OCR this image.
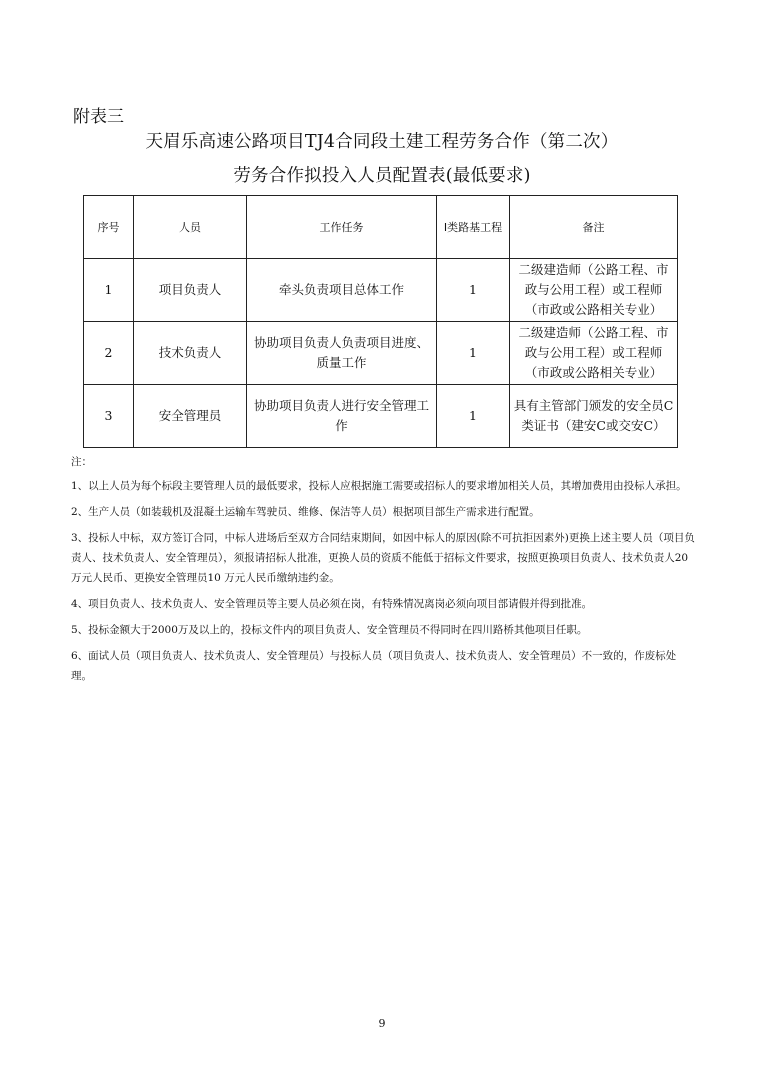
附表三
天眉乐高速公路项目TJ4合同段土建工程劳务合作（第二次）
劳务合作拟投入人员配置表(最低要求)
序号	人员	工作任务	Ⅰ类路基工程	备注
1	项目负责人	牵头负责项目总体工作	1	二级建造师（公路工程、市政与公用工程）或工程师（市政或公路相关专业）
2	技术负责人	协助项目负责人负责项目进度、质量工作	1	二级建造师（公路工程、市政与公用工程）或工程师（市政或公路相关专业）
3	安全管理员	协助项目负责人进行安全管理工作	1	具有主管部门颁发的安全员C类证书（建安C或交安C）

注：

1、以上人员为每个标段主要管理人员的最低要求，投标人应根据施工需要或招标人的要求增加相关人员，其增加费用由投标人承担。

2、生产人员（如装载机及混凝土运输车驾驶员、维修、保洁等人员）根据项目部生产需求进行配置。

3、投标人中标，双方签订合同，中标人进场后至双方合同结束期间，如因中标人的原因(除不可抗拒因素外)更换上述主要人员（项目负责人、技术负责人、安全管理员），须报请招标人批准，更换人员的资质不能低于招标文件要求，按照更换项目负责人、技术负责人20 万元人民币、更换安全管理员10 万元人民币缴纳违约金。

4、项目负责人、技术负责人、安全管理员等主要人员必须在岗，有特殊情况离岗必须向项目部请假并得到批准。

5、投标金额大于2000万及以上的，投标文件内的项目负责人、安全管理员不得同时在四川路桥其他项目任职。

6、面试人员（项目负责人、技术负责人、安全管理员）与投标人员（项目负责人、技术负责人、安全管理员）不一致的，作废标处理。

9
